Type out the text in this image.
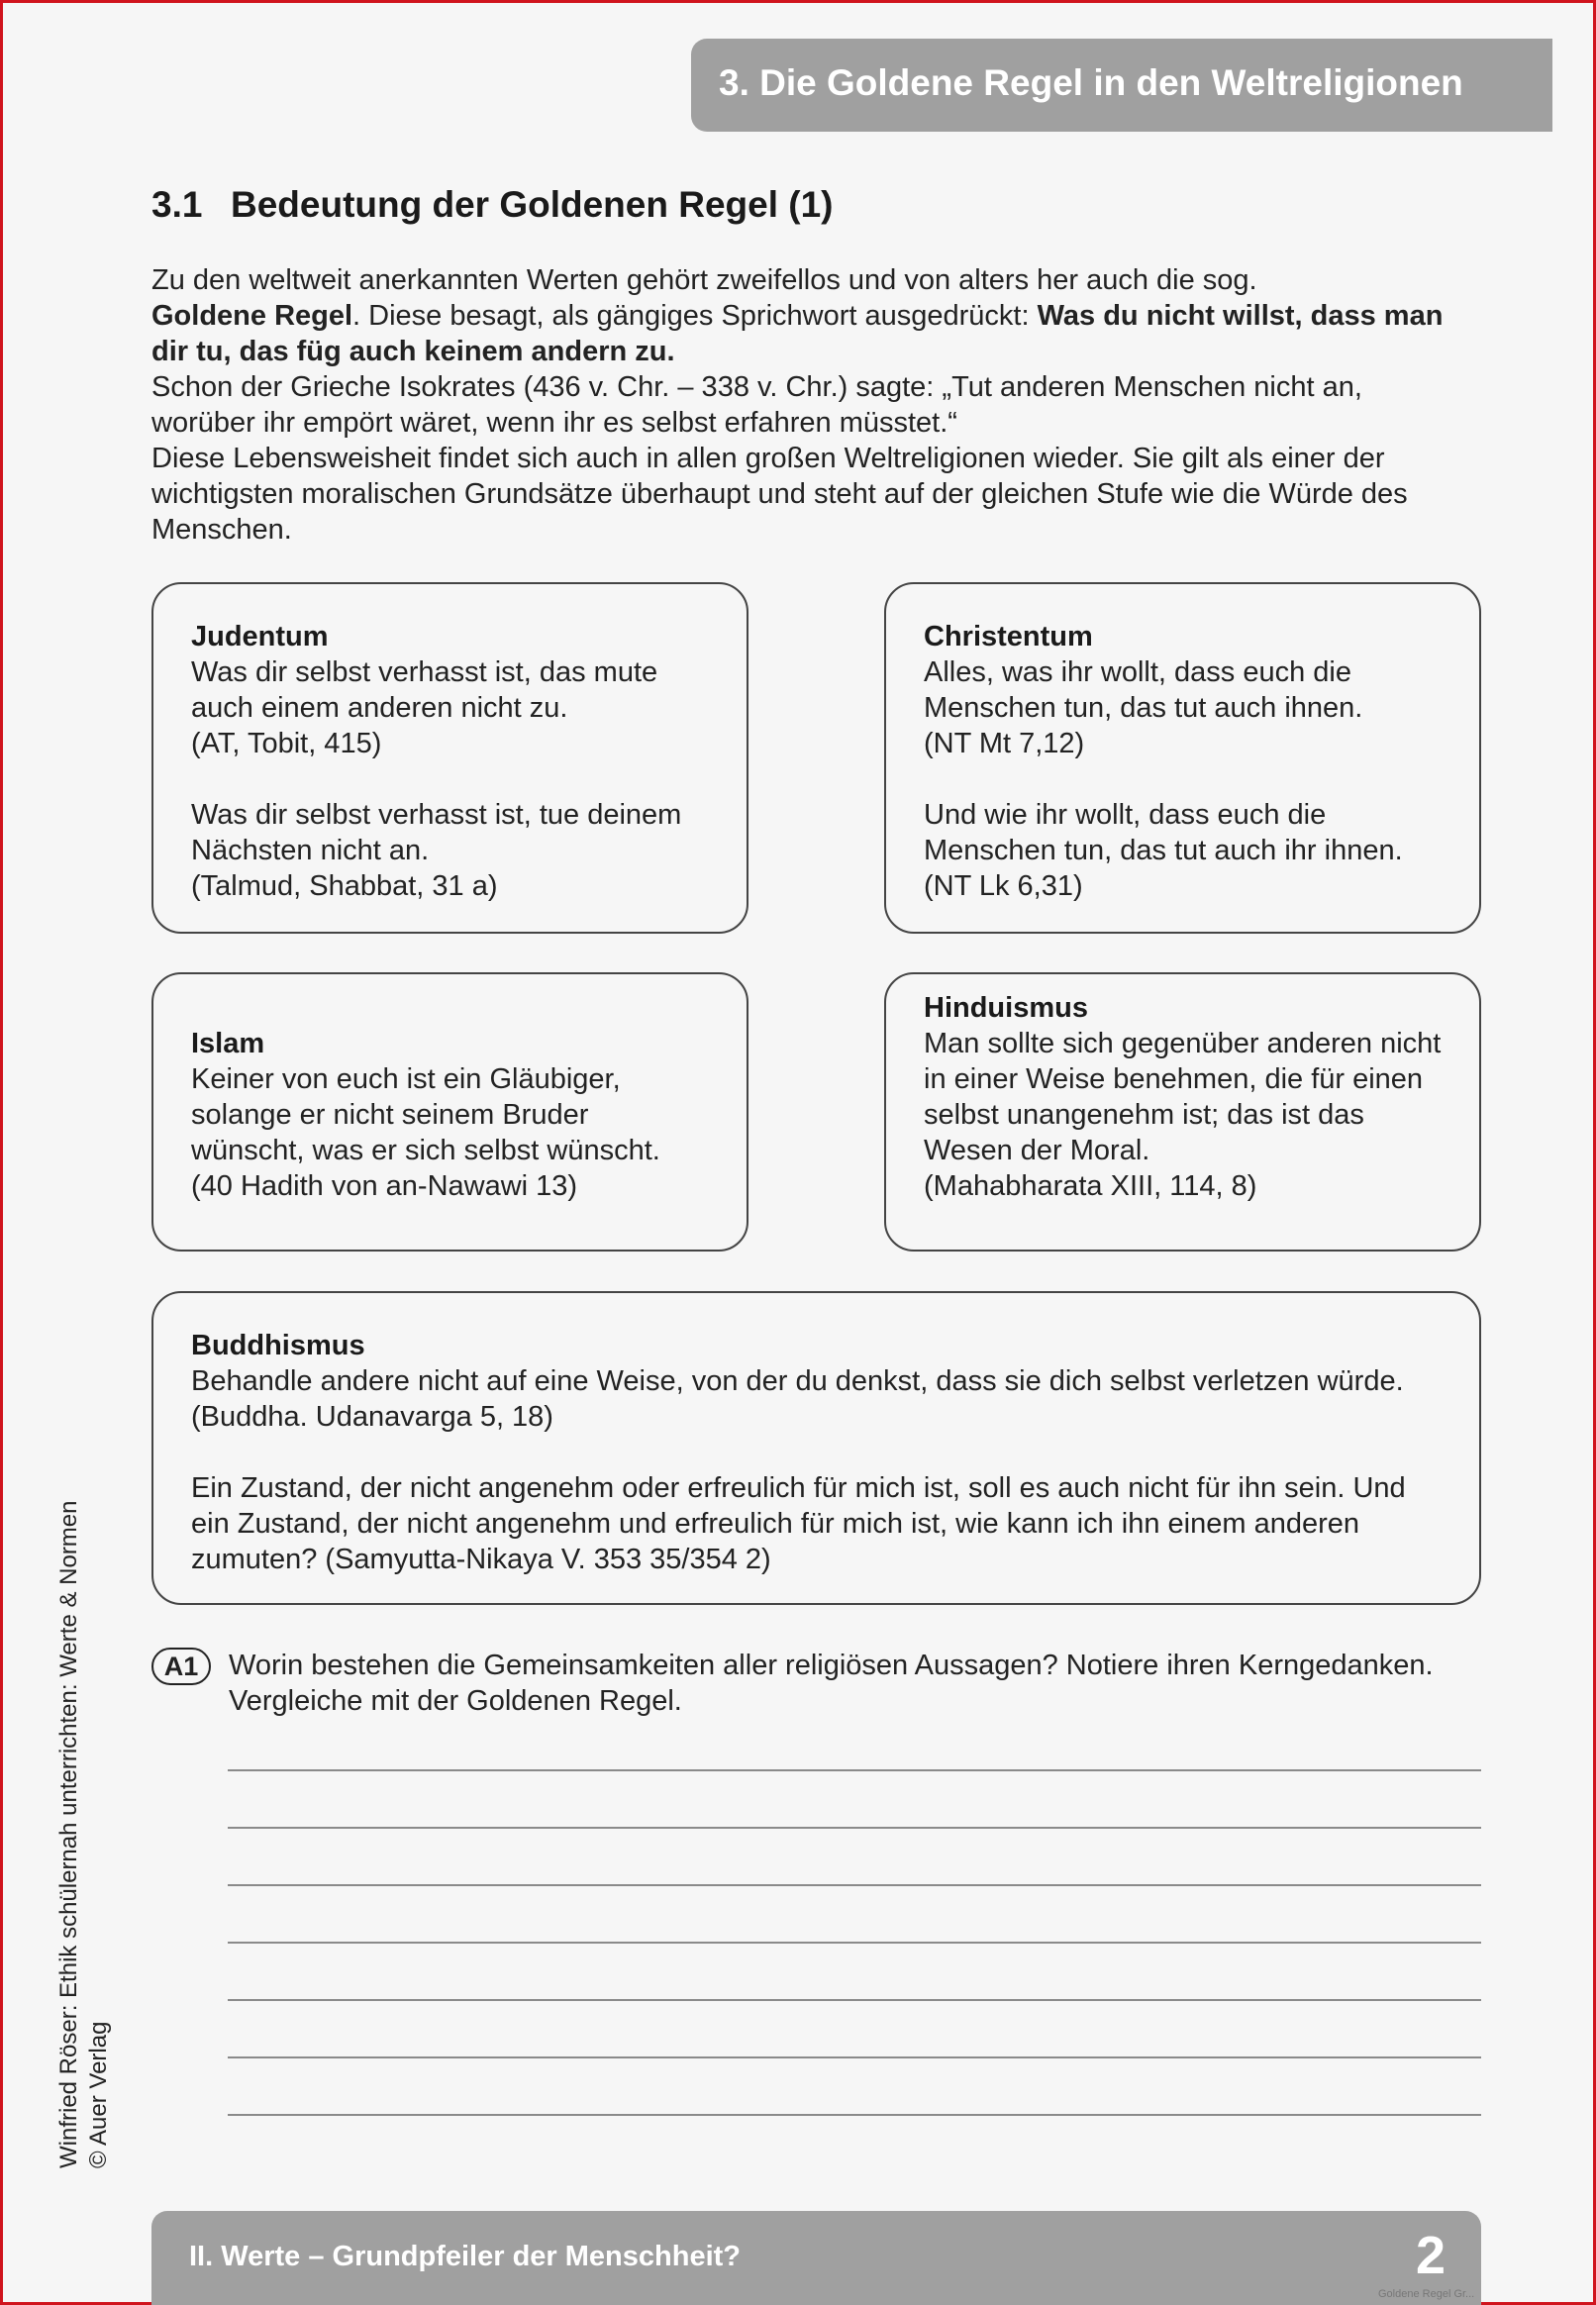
3. Die Goldene Regel in den Weltreligionen
3.1 Bedeutung der Goldenen Regel (1)

Zu den weltweit anerkannten Werten gehört zweifellos und von alters her auch die sog.
Goldene Regel. Diese besagt, als gängiges Sprichwort ausgedrückt: Was du nicht willst, dass man dir tu, das füg auch keinem andern zu.

Schon der Grieche Isokrates (436 v. Chr. – 338 v. Chr.) sagte: „Tut anderen Menschen nicht an, worüber ihr empört wäret, wenn ihr es selbst erfahren müsstet.“

Diese Lebensweisheit findet sich auch in allen großen Weltreligionen wieder. Sie gilt als einer der wichtigsten moralischen Grundsätze überhaupt und steht auf der gleichen Stufe wie die Würde des Menschen.

Judentum

Was dir selbst verhasst ist, das mute auch einem anderen nicht zu.

(AT, Tobit, 415)

Was dir selbst verhasst ist, tue deinem Nächsten nicht an.

(Talmud, Shabbat, 31 a)

Christentum

Alles, was ihr wollt, dass euch die Menschen tun, das tut auch ihnen.

(NT Mt 7,12)

Und wie ihr wollt, dass euch die Menschen tun, das tut auch ihr ihnen.

(NT Lk 6,31)

Islam

Keiner von euch ist ein Gläubiger, solange er nicht seinem Bruder wünscht, was er sich selbst wünscht.

(40 Hadith von an-Nawawi 13)

Hinduismus

Man sollte sich gegenüber anderen nicht in einer Weise benehmen, die für einen selbst unangenehm ist; das ist das Wesen der Moral.

(Mahabharata XIII, 114, 8)

Buddhismus

Behandle andere nicht auf eine Weise, von der du denkst, dass sie dich selbst verletzen würde.

(Buddha. Udanavarga 5, 18)

Ein Zustand, der nicht angenehm oder erfreulich für mich ist, soll es auch nicht für ihn sein. Und ein Zustand, der nicht angenehm und erfreulich für mich ist, wie kann ich ihn einem anderen zumuten? (Samyutta-Nikaya V. 353 35/354 2)

A1	Worin bestehen die Gemeinsamkeiten aller religiösen Aussagen? Notiere ihren Kerngedanken. Vergleiche mit der Goldenen Regel.
Winfried Röser: Ethik schülernah unterrichten: Werte & Normen © Auer Verlag
II. Werte – Grundpfeiler der Menschheit?	2
Goldene Regel Gr...
